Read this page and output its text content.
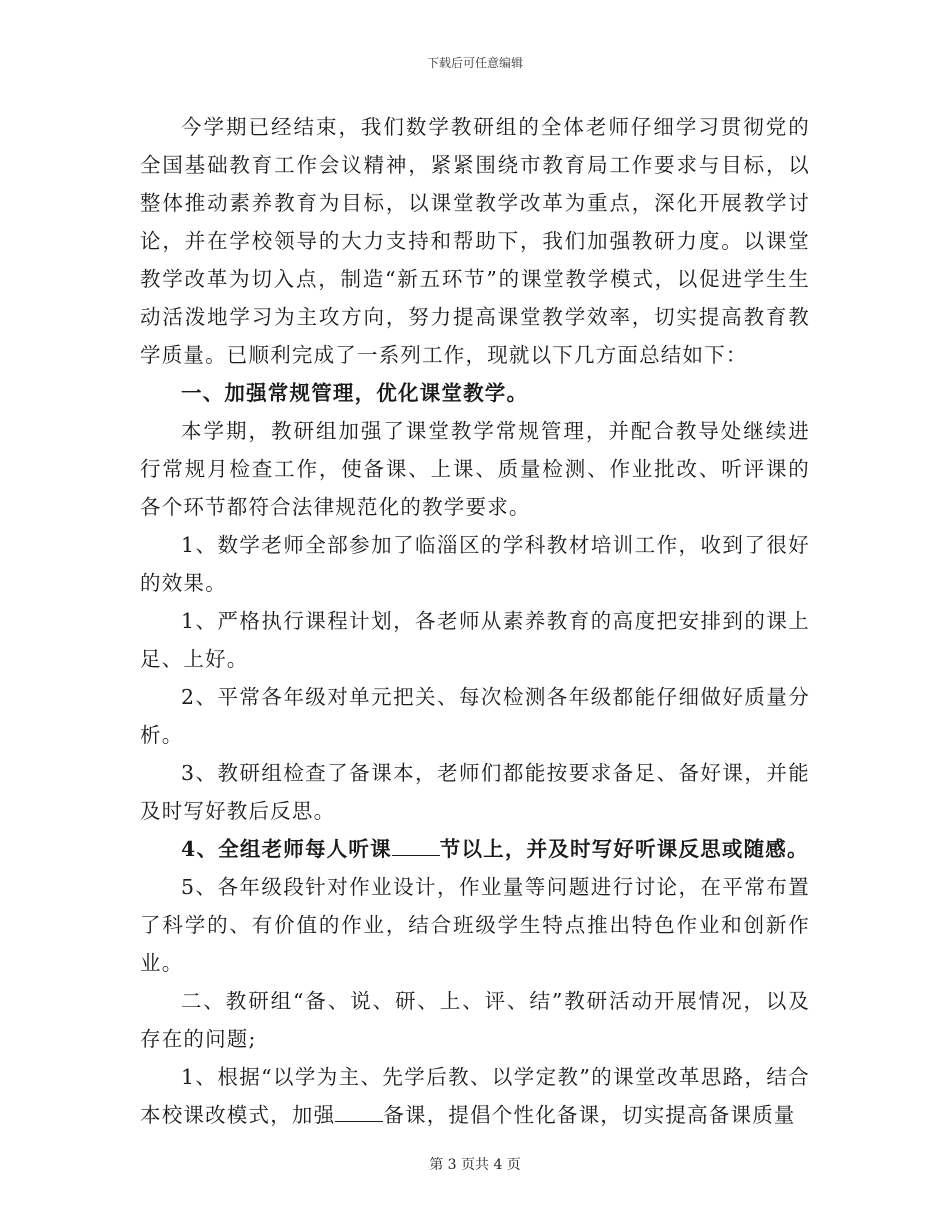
下载后可任意编辑

今学期已经结束，我们数学教研组的全体老师仔细学习贯彻党的全国基础教育工作会议精神，紧紧围绕市教育局工作要求与目标，以整体推动素养教育为目标，以课堂教学改革为重点，深化开展教学讨论，并在学校领导的大力支持和帮助下，我们加强教研力度。以课堂教学改革为切入点，制造“新五环节”的课堂教学模式，以促进学生生动活泼地学习为主攻方向，努力提高课堂教学效率，切实提高教育教学质量。已顺利完成了一系列工作，现就以下几方面总结如下：

一、加强常规管理，优化课堂教学。

本学期，教研组加强了课堂教学常规管理，并配合教导处继续进行常规月检查工作，使备课、上课、质量检测、作业批改、听评课的各个环节都符合法律规范化的教学要求。

1、数学老师全部参加了临淄区的学科教材培训工作，收到了很好的效果。

1、严格执行课程计划，各老师从素养教育的高度把安排到的课上足、上好。

2、平常各年级对单元把关、每次检测各年级都能仔细做好质量分析。

3、教研组检查了备课本，老师们都能按要求备足、备好课，并能及时写好教后反思。

4、全组老师每人听课 节以上，并及时写好听课反思或随感。

5、各年级段针对作业设计，作业量等问题进行讨论，在平常布置了科学的、有价值的作业，结合班级学生特点推出特色作业和创新作业。

二、教研组“备、说、研、上、评、结”教研活动开展情况，以及存在的问题;

1、根据“以学为主、先学后教、以学定教”的课堂改革思路，结合本校课改模式，加强 备课，提倡个性化备课，切实提高备课质量

第 3 页共 4 页
